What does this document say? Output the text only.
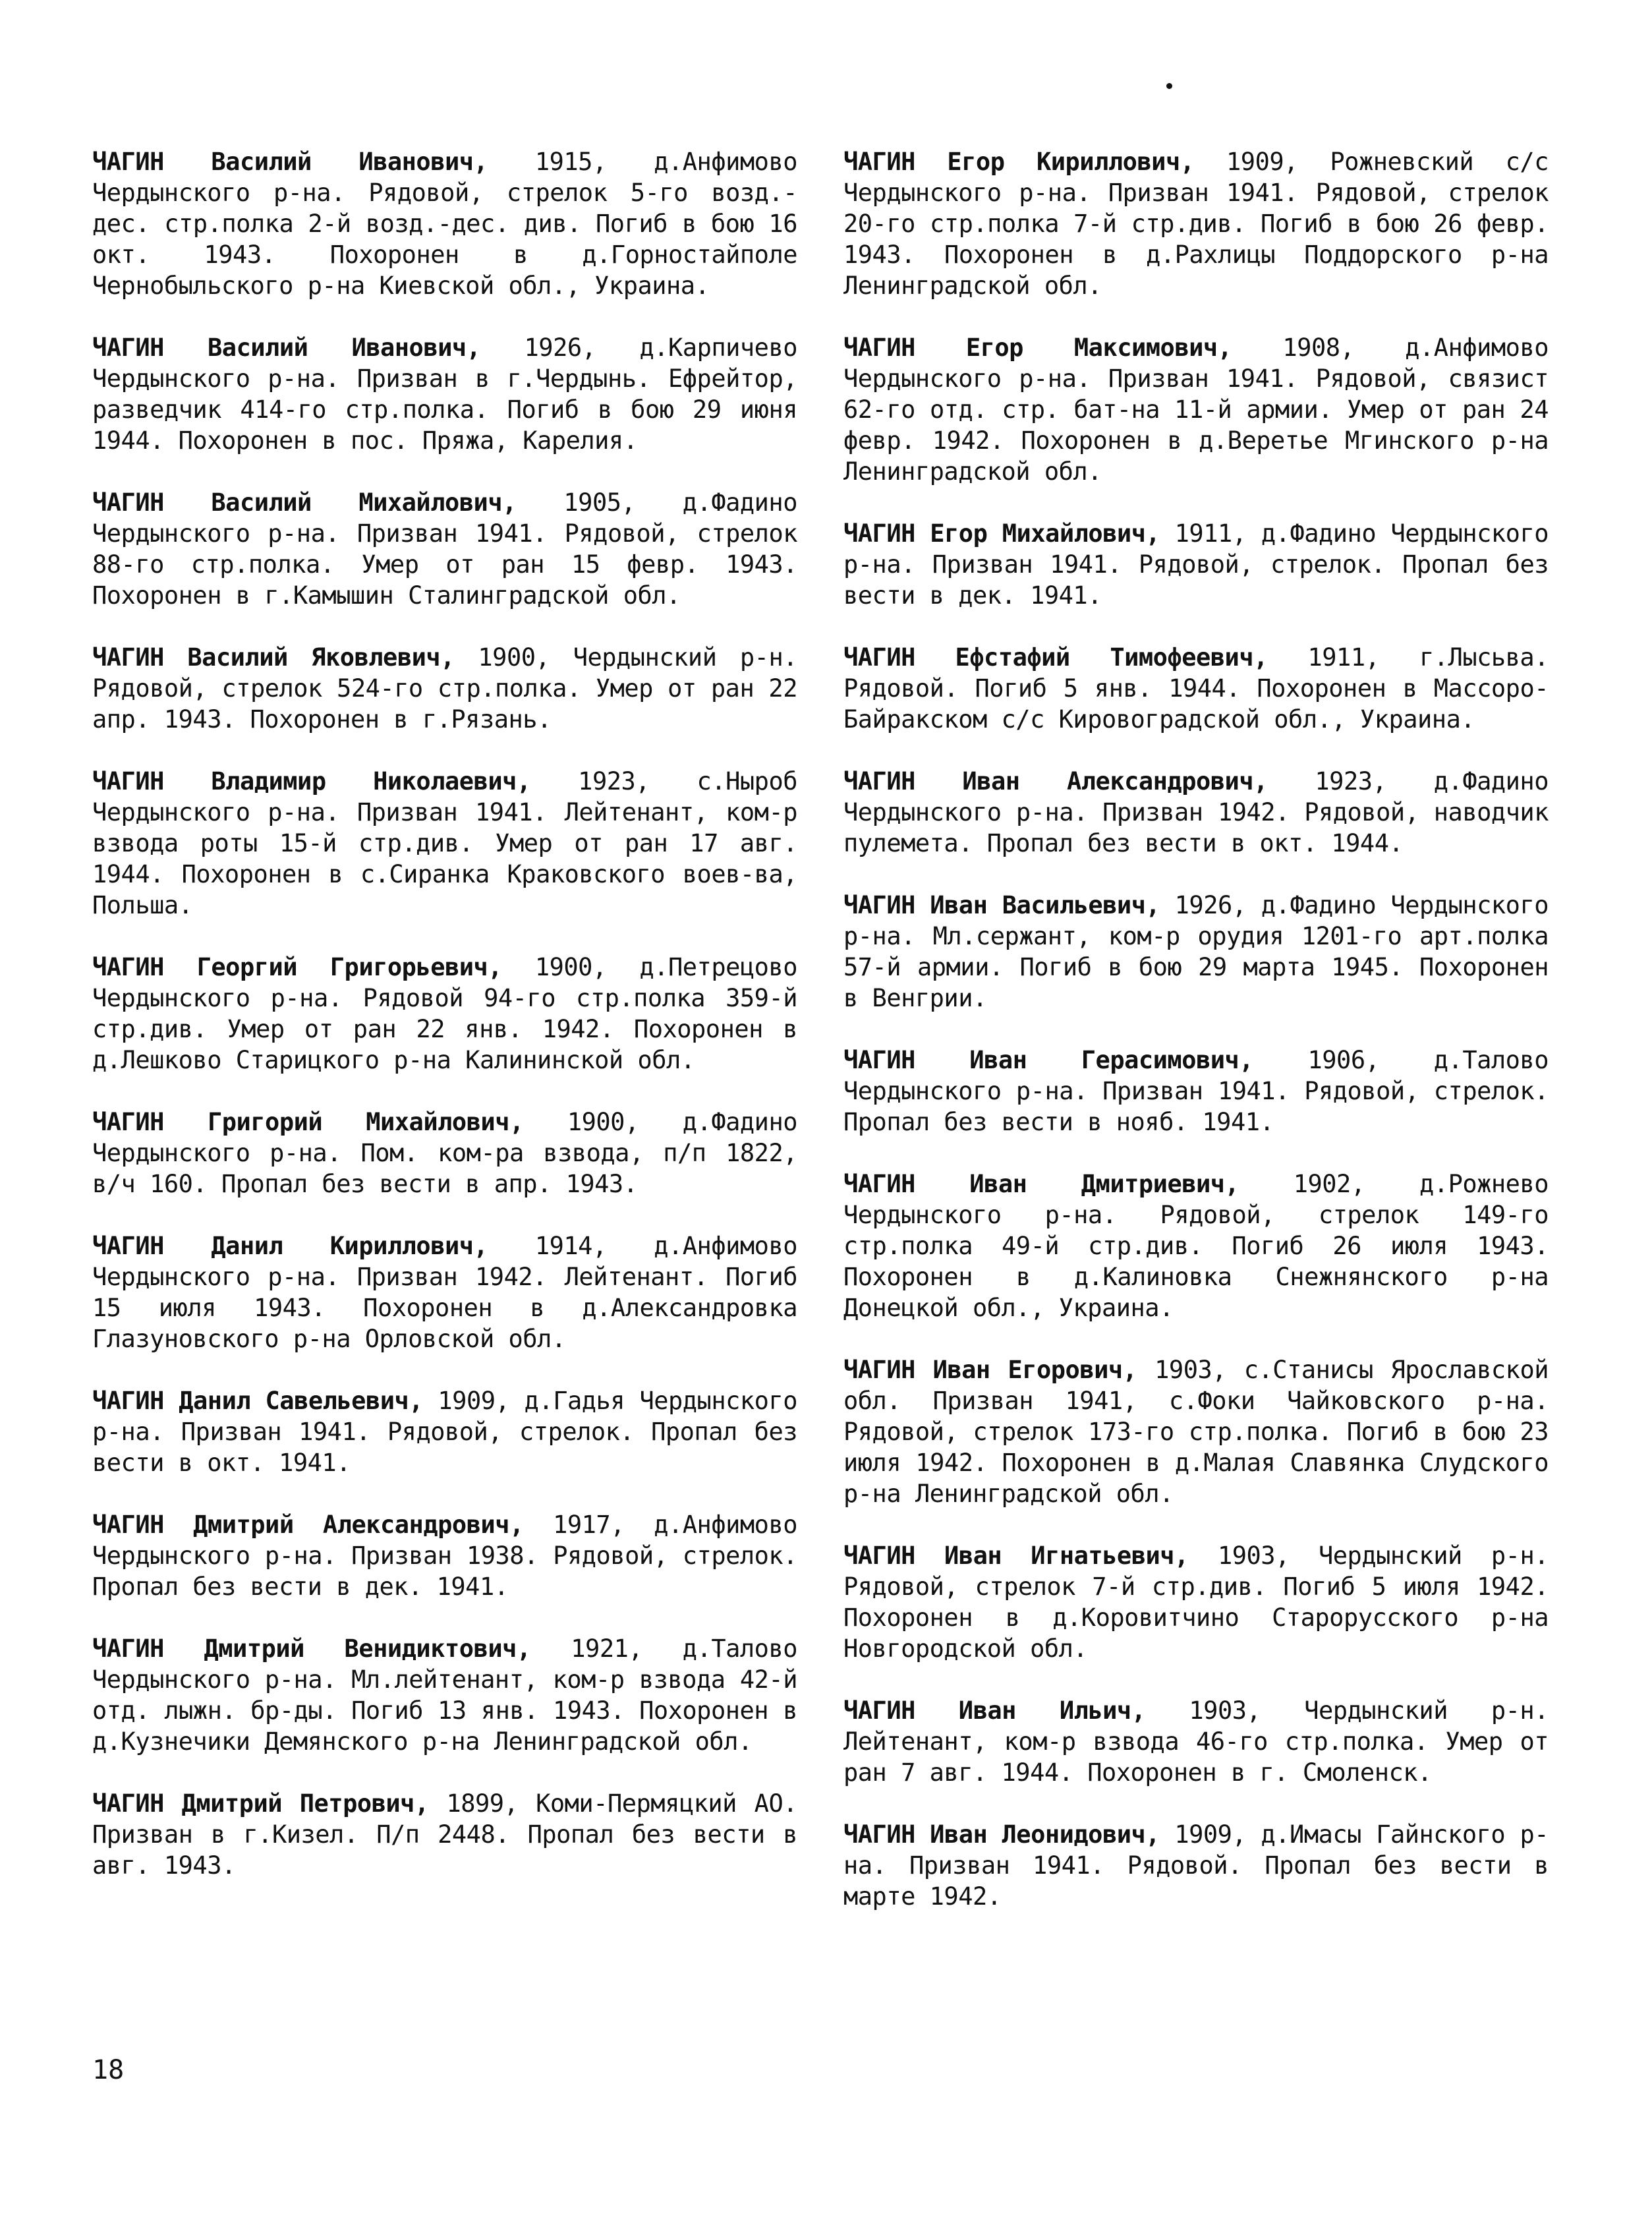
ЧАГИН Василий Иванович, 1915, д.Анфимово Чердынского р-на. Рядовой, стрелок 5-го возд.-дес. стр.полка 2-й возд.-дес. див. Погиб в бою 16 окт. 1943. Похоронен в д.Горностайполе Чернобыльского р-на Киевской обл., Украина.

ЧАГИН Василий Иванович, 1926, д.Карпичево Чердынского р-на. Призван в г.Чердынь. Ефрейтор, разведчик 414-го стр.полка. Погиб в бою 29 июня 1944. Похоронен в пос. Пряжа, Карелия.

ЧАГИН Василий Михайлович, 1905, д.Фадино Чердынского р-на. Призван 1941. Рядовой, стрелок 88-го стр.полка. Умер от ран 15 февр. 1943. Похоронен в г.Камышин Сталинградской обл.

ЧАГИН Василий Яковлевич, 1900, Чердынский р-н. Рядовой, стрелок 524-го стр.полка. Умер от ран 22 апр. 1943. Похоронен в г.Рязань.

ЧАГИН Владимир Николаевич, 1923, с.Ныроб Чердынского р-на. Призван 1941. Лейтенант, ком-р взвода роты 15-й стр.див. Умер от ран 17 авг. 1944. Похоронен в с.Сиранка Краковского воев-ва, Польша.

ЧАГИН Георгий Григорьевич, 1900, д.Петрецово Чердынского р-на. Рядовой 94-го стр.полка 359-й стр.див. Умер от ран 22 янв. 1942. Похоронен в д.Лешково Старицкого р-на Калининской обл.

ЧАГИН Григорий Михайлович, 1900, д.Фадино Чердынского р-на. Пом. ком-ра взвода, п/п 1822, в/ч 160. Пропал без вести в апр. 1943.

ЧАГИН Данил Кириллович, 1914, д.Анфимово Чердынского р-на. Призван 1942. Лейтенант. Погиб 15 июля 1943. Похоронен в д.Александровка Глазуновского р-на Орловской обл.

ЧАГИН Данил Савельевич, 1909, д.Гадья Чердынского р-на. Призван 1941. Рядовой, стрелок. Пропал без вести в окт. 1941.

ЧАГИН Дмитрий Александрович, 1917, д.Анфимово Чердынского р-на. Призван 1938. Рядовой, стрелок. Пропал без вести в дек. 1941.

ЧАГИН Дмитрий Венидиктович, 1921, д.Талово Чердынского р-на. Мл.лейтенант, ком-р взвода 42-й отд. лыжн. бр-ды. Погиб 13 янв. 1943. Похоронен в д.Кузнечики Демянского р-на Ленинградской обл.

ЧАГИН Дмитрий Петрович, 1899, Коми-Пермяцкий АО. Призван в г.Кизел. П/п 2448. Пропал без вести в авг. 1943.

ЧАГИН Егор Кириллович, 1909, Рожневский с/с Чердынского р-на. Призван 1941. Рядовой, стрелок 20-го стр.полка 7-й стр.див. Погиб в бою 26 февр. 1943. Похоронен в д.Рахлицы Поддорского р-на Ленинградской обл.

ЧАГИН Егор Максимович, 1908, д.Анфимово Чердынского р-на. Призван 1941. Рядовой, связист 62-го отд. стр. бат-на 11-й армии. Умер от ран 24 февр. 1942. Похоронен в д.Веретье Мгинского р-на Ленинградской обл.

ЧАГИН Егор Михайлович, 1911, д.Фадино Чердынского р-на. Призван 1941. Рядовой, стрелок. Пропал без вести в дек. 1941.

ЧАГИН Ефстафий Тимофеевич, 1911, г.Лысьва. Рядовой. Погиб 5 янв. 1944. Похоронен в Массоро-Байракском с/с Кировоградской обл., Украина.

ЧАГИН Иван Александрович, 1923, д.Фадино Чердынского р-на. Призван 1942. Рядовой, наводчик пулемета. Пропал без вести в окт. 1944.

ЧАГИН Иван Васильевич, 1926, д.Фадино Чердынского р-на. Мл.сержант, ком-р орудия 1201-го арт.полка 57-й армии. Погиб в бою 29 марта 1945. Похоронен в Венгрии.

ЧАГИН Иван Герасимович, 1906, д.Талово Чердынского р-на. Призван 1941. Рядовой, стрелок. Пропал без вести в нояб. 1941.

ЧАГИН Иван Дмитриевич, 1902, д.Рожнево Чердынского р-на. Рядовой, стрелок 149-го стр.полка 49-й стр.див. Погиб 26 июля 1943. Похоронен в д.Калиновка Снежнянского р-на Донецкой обл., Украина.

ЧАГИН Иван Егорович, 1903, с.Станисы Ярославской обл. Призван 1941, с.Фоки Чайковского р-на. Рядовой, стрелок 173-го стр.полка. Погиб в бою 23 июля 1942. Похоронен в д.Малая Славянка Слудского р-на Ленинградской обл.

ЧАГИН Иван Игнатьевич, 1903, Чердынский р-н. Рядовой, стрелок 7-й стр.див. Погиб 5 июля 1942. Похоронен в д.Коровитчино Старорусского р-на Новгородской обл.

ЧАГИН Иван Ильич, 1903, Чердынский р-н. Лейтенант, ком-р взвода 46-го стр.полка. Умер от ран 7 авг. 1944. Похоронен в г. Смоленск.

ЧАГИН Иван Леонидович, 1909, д.Имасы Гайнского р-на. Призван 1941. Рядовой. Пропал без вести в марте 1942.

18
